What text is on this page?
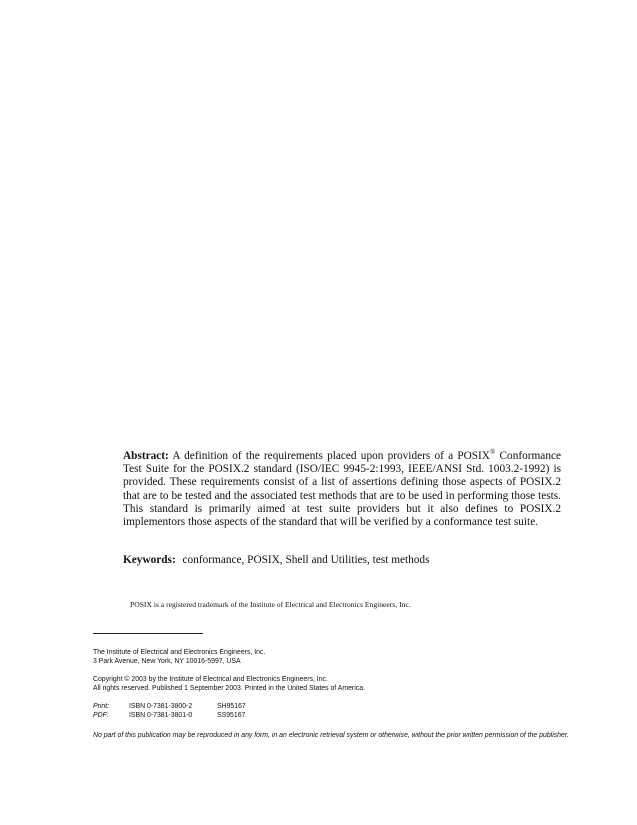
Abstract: A definition of the requirements placed upon providers of a POSIX® Conformance Test Suite for the POSIX.2 standard (ISO/IEC 9945-2:1993, IEEE/ANSI Std. 1003.2-1992) is provided. These requirements consist of a list of assertions defining those aspects of POSIX.2 that are to be tested and the associated test methods that are to be used in performing those tests. This standard is primarily aimed at test suite providers but it also defines to POSIX.2 implementors those aspects of the standard that will be verified by a conformance test suite.
Keywords: conformance, POSIX, Shell and Utilities, test methods
POSIX is a registered trademark of the Institute of Electrical and Electronics Engineers, Inc.
The Institute of Electrical and Electronics Engineers, Inc.
3 Park Avenue, New York, NY 10016-5997, USA
Copyright © 2003 by the Institute of Electrical and Electronics Engineers, Inc.
All rights reserved. Published 1 September 2003. Printed in the United States of America.
Print:	ISBN 0-7381-3800-2	SH95167
PDF:	ISBN 0-7381-3801-0	SS95167
No part of this publication may be reproduced in any form, in an electronic retrieval system or otherwise, without the prior written permission of the publisher.
